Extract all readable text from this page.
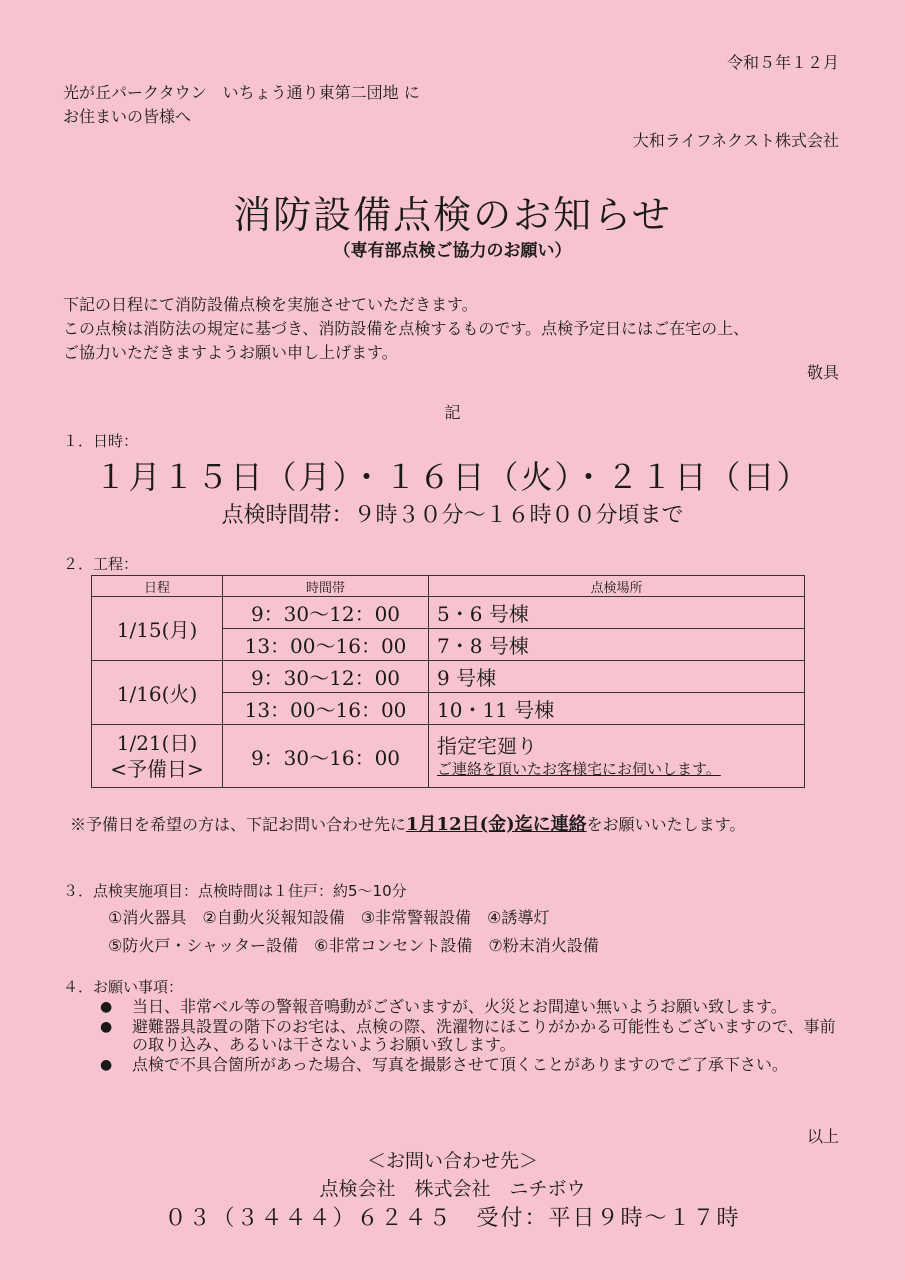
令和５年１２月
光が丘パークタウン　いちょう通り東第二団地 に
お住まいの皆様へ
大和ライフネクスト株式会社
消防設備点検のお知らせ
（専有部点検ご協力のお願い）
下記の日程にて消防設備点検を実施させていただきます。
この点検は消防法の規定に基づき、消防設備を点検するものです。点検予定日にはご在宅の上、
ご協力いただきますようお願い申し上げます。
敬具
記
１．日時：
１月１５日（月）・１６日（火）・２１日（日）
点検時間帯：９時３０分～１６時００分頃まで
２．工程：
日程	時間帯	点検場所
1/15(月)	9：30～12：00	5・6 号棟
	13：00～16：00	7・8 号棟
1/16(火)	9：30～12：00	9 号棟
	13：00～16：00	10・11 号棟

1/21(日)
<予備日>	9：30～16：00	指定宅廻り
ご連絡を頂いたお客様宅にお伺いします。
※予備日を希望の方は、下記お問い合わせ先に1月12日(金)迄に連絡をお願いいたします。
３．点検実施項目：点検時間は１住戸：約5～10分
①消火器具　②自動火災報知設備　③非常警報設備　④誘導灯
⑤防火戸・シャッター設備　⑥非常コンセント設備　⑦粉末消火設備
４．お願い事項：
●	当日、非常ベル等の警報音鳴動がございますが、火災とお間違い無いようお願い致します。
●	避難器具設置の階下のお宅は、点検の際、洗濯物にほこりがかかる可能性もございますので、事前の取り込み、あるいは干さないようお願い致します。
●	点検で不具合箇所があった場合、写真を撮影させて頂くことがありますのでご了承下さい。
以上
＜お問い合わせ先＞
点検会社　株式会社　ニチボウ
０３（３４４４）６２４５　受付：平日９時～１７時
